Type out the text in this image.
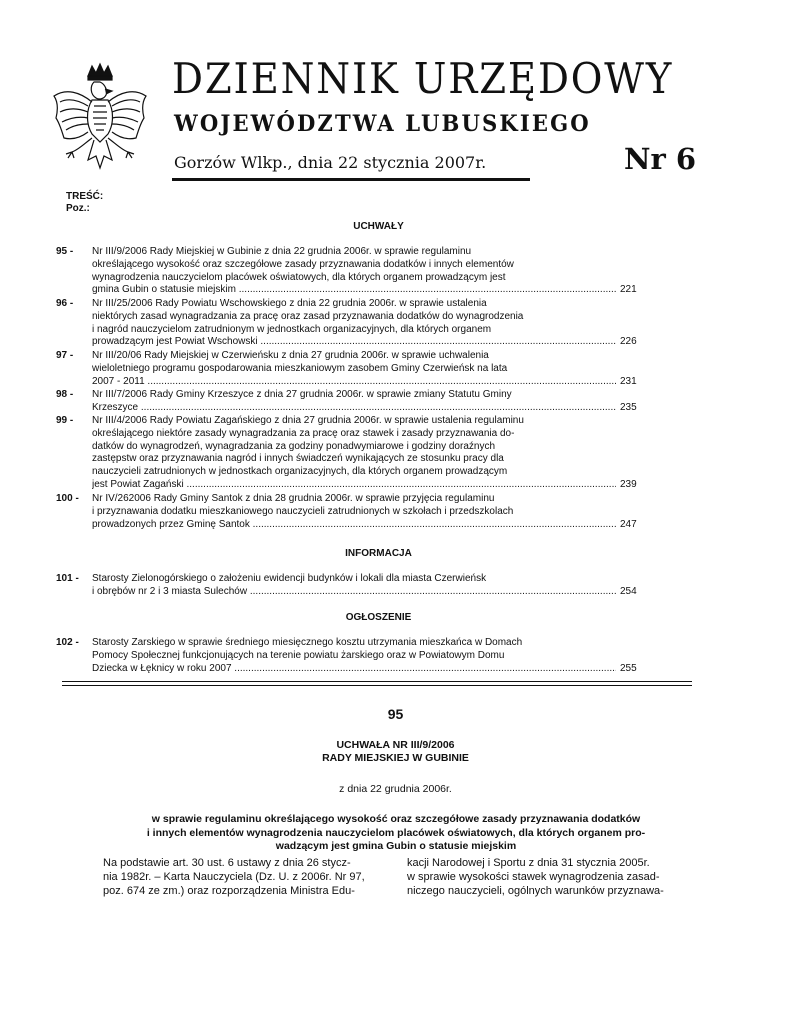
DZIENNIK URZĘDOWY
WOJEWÓDZTWA LUBUSKIEGO

Gorzów Wlkp., dnia 22 stycznia 2007r.	Nr 6

TREŚĆ:
Poz.:
UCHWAŁY
95 - Nr III/9/2006 Rady Miejskiej w Gubinie z dnia 22 grudnia 2006r. w sprawie regulaminu
określającego wysokość oraz szczegółowe zasady przyznawania dodatków i innych elementów
wynagrodzenia nauczycielom placówek oświatowych, dla których organem prowadzącym jest
gmina Gubin o statusie miejskim .....	221
96 - Nr III/25/2006 Rady Powiatu Wschowskiego z dnia 22 grudnia 2006r. w sprawie ustalenia
niektórych zasad wynagradzania za pracę oraz zasad przyznawania dodatków do wynagrodzenia
i nagród nauczycielom zatrudnionym w jednostkach organizacyjnych, dla których organem
prowadzącym jest Powiat Wschowski .....	226
97 - Nr III/20/06 Rady Miejskiej w Czerwieńsku z dnia 27 grudnia 2006r. w sprawie uchwalenia
wieloletniego programu gospodarowania mieszkaniowym zasobem Gminy Czerwieńsk na lata
2007 - 2011 .....	231
98 - Nr III/7/2006 Rady Gminy Krzeszyce z dnia 27 grudnia 2006r. w sprawie zmiany Statutu Gminy
Krzeszyce .....	235
99 - Nr III/4/2006 Rady Powiatu Żagańskiego z dnia 27 grudnia 2006r. w sprawie ustalenia regulaminu
określającego niektóre zasady wynagradzania za pracę oraz stawek i zasady przyznawania do-
datków do wynagrodzeń, wynagradzania za godziny ponadwymiarowe i godziny doraźnych
zastępstw oraz przyznawania nagród i innych świadczeń wynikających ze stosunku pracy dla
nauczycieli zatrudnionych w jednostkach organizacyjnych, dla których organem prowadzącym
jest Powiat Żagański .....	239
100 - Nr IV/262006 Rady Gminy Santok z dnia 28 grudnia 2006r. w sprawie przyjęcia regulaminu
i przyznawania dodatku mieszkaniowego nauczycieli zatrudnionych w szkołach i przedszkolach
prowadzonych przez Gminę Santok .....	247
INFORMACJA
101 - Starosty Zielonogórskiego o założeniu ewidencji budynków i lokali dla miasta Czerwieńsk
i obrębów nr 2 i 3 miasta Sulechów .....	254
OGŁOSZENIE
102 - Starosty Żarskiego w sprawie średniego miesięcznego kosztu utrzymania mieszkańca w Domach
Pomocy Społecznej funkcjonujących na terenie powiatu żarskiego oraz w Powiatowym Domu
Dziecka w Łęknicy w roku 2007 .....	255
95
UCHWAŁA NR III/9/2006
RADY MIEJSKIEJ W GUBINIE
z dnia 22 grudnia 2006r.
w sprawie regulaminu określającego wysokość oraz szczegółowe zasady przyznawania dodatków
i innych elementów wynagrodzenia nauczycielom placówek oświatowych, dla których organem pro-
wadzącym jest gmina Gubin o statusie miejskim
Na podstawie art. 30 ust. 6 ustawy z dnia 26 stycz-
nia 1982r. – Karta Nauczyciela (Dz. U. z 2006r. Nr 97,
poz. 674 ze zm.) oraz rozporządzenia Ministra Edu-
kacji Narodowej i Sportu z dnia 31 stycznia 2005r.
w sprawie wysokości stawek wynagrodzenia zasad-
niczego nauczycieli, ogólnych warunków przyznawa-
